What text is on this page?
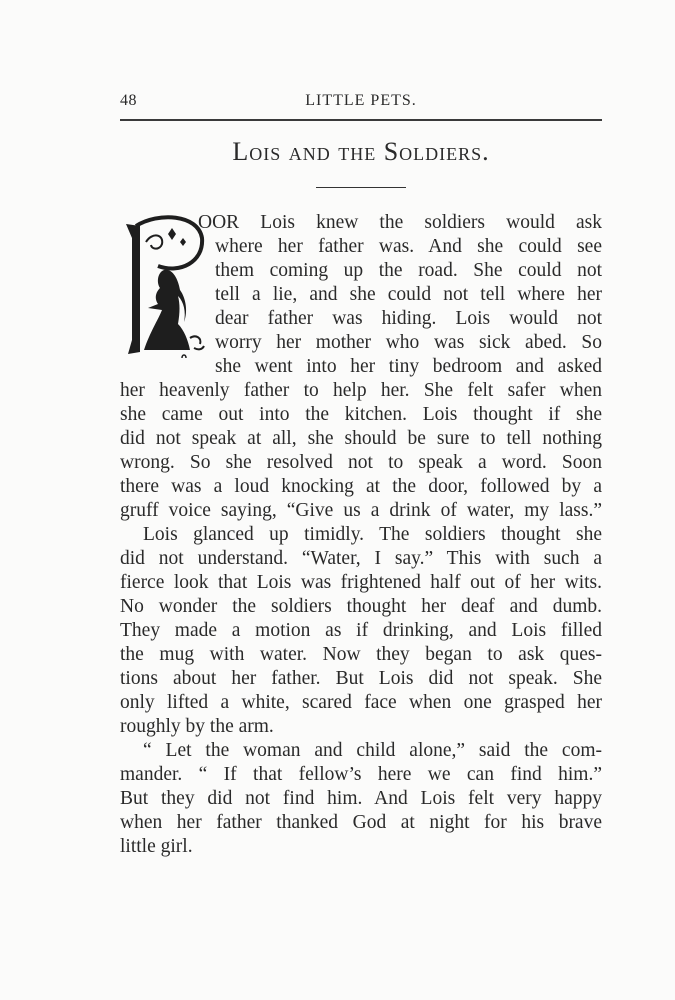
48	LITTLE PETS.
Lois and the Soldiers.
OOR Lois knew the soldiers would ask
where her father was. And she could see
them coming up the road. She could not
tell a lie, and she could not tell where her
dear father was hiding. Lois would not
worry her mother who was sick abed. So
she went into her tiny bedroom and asked
her heavenly father to help her. She felt safer when
she came out into the kitchen. Lois thought if she
did not speak at all, she should be sure to tell nothing
wrong. So she resolved not to speak a word. Soon
there was a loud knocking at the door, followed by a
gruff voice saying, “Give us a drink of water, my lass.”
Lois glanced up timidly. The soldiers thought she
did not understand. “Water, I say.” This with such a
fierce look that Lois was frightened half out of her wits.
No wonder the soldiers thought her deaf and dumb.
They made a motion as if drinking, and Lois filled
the mug with water. Now they began to ask ques-
tions about her father. But Lois did not speak. She
only lifted a white, scared face when one grasped her
roughly by the arm.
“ Let the woman and child alone,” said the com-
mander. “ If that fellow’s here we can find him.”
But they did not find him. And Lois felt very happy
when her father thanked God at night for his brave
little girl.
